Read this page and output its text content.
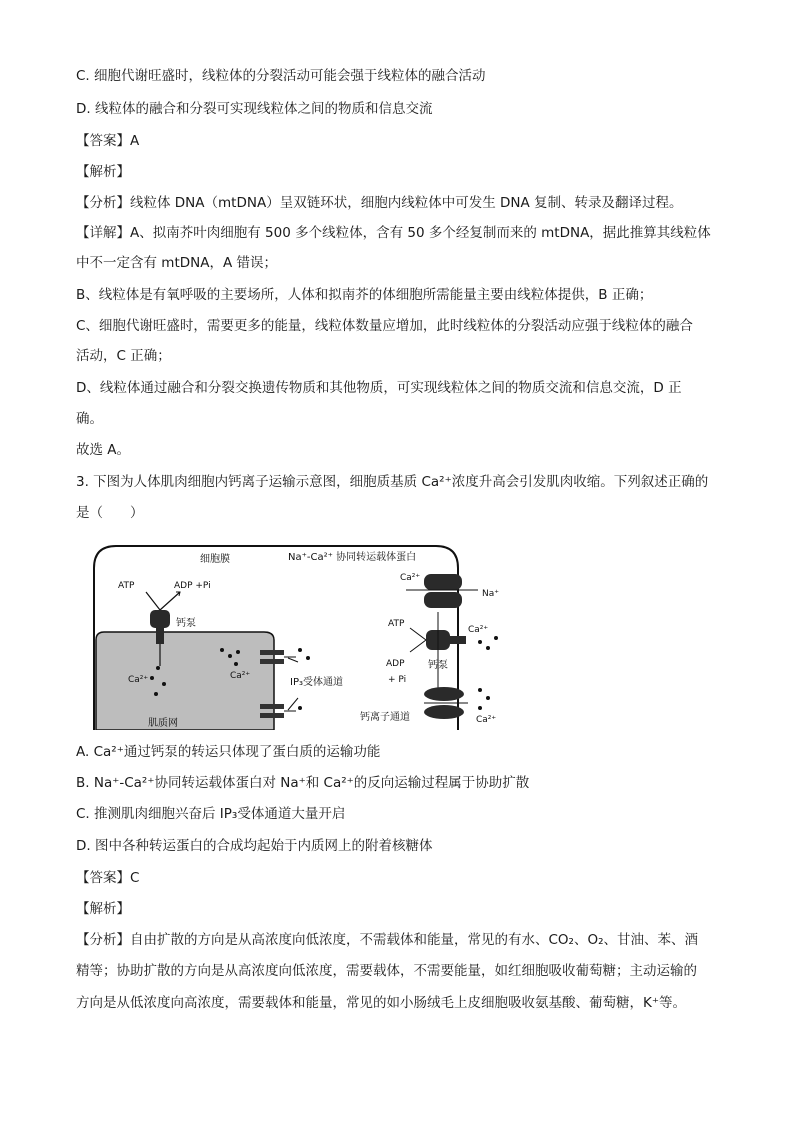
C. 细胞代谢旺盛时，线粒体的分裂活动可能会强于线粒体的融合活动
D. 线粒体的融合和分裂可实现线粒体之间的物质和信息交流
【答案】A
【解析】
【分析】线粒体 DNA（mtDNA）呈双链环状，细胞内线粒体中可发生 DNA 复制、转录及翻译过程。
【详解】A、拟南芥叶肉细胞有 500 多个线粒体，含有 50 多个经复制而来的 mtDNA，据此推算其线粒体
中不一定含有 mtDNA，A 错误；
B、线粒体是有氧呼吸的主要场所，人体和拟南芥的体细胞所需能量主要由线粒体提供，B 正确；
C、细胞代谢旺盛时，需要更多的能量，线粒体数量应增加，此时线粒体的分裂活动应强于线粒体的融合
活动，C 正确；
D、线粒体通过融合和分裂交换遗传物质和其他物质，可实现线粒体之间的物质交流和信息交流，D 正
确。
故选 A。
3. 下图为人体肌肉细胞内钙离子运输示意图，细胞质基质 Ca²⁺浓度升高会引发肌肉收缩。下列叙述正确的
是（　　）
细胞膜	Na⁺-Ca²⁺ 协同转运载体蛋白
ATP	ADP +Pi
钙泵
Ca²⁺	Ca²⁺
IP₃受体通道
肌质网
Ca²⁺
Na⁺
ATP
Ca²⁺
ADP
+ Pi
钙泵
钙离子通道	Ca²⁺
A. Ca²⁺通过钙泵的转运只体现了蛋白质的运输功能
B. Na⁺-Ca²⁺协同转运载体蛋白对 Na⁺和 Ca²⁺的反向运输过程属于协助扩散
C. 推测肌肉细胞兴奋后 IP₃受体通道大量开启
D. 图中各种转运蛋白的合成均起始于内质网上的附着核糖体
【答案】C
【解析】
【分析】自由扩散的方向是从高浓度向低浓度，不需载体和能量，常见的有水、CO₂、O₂、甘油、苯、酒
精等；协助扩散的方向是从高浓度向低浓度，需要载体，不需要能量，如红细胞吸收葡萄糖；主动运输的
方向是从低浓度向高浓度，需要载体和能量，常见的如小肠绒毛上皮细胞吸收氨基酸、葡萄糖，K⁺等。
